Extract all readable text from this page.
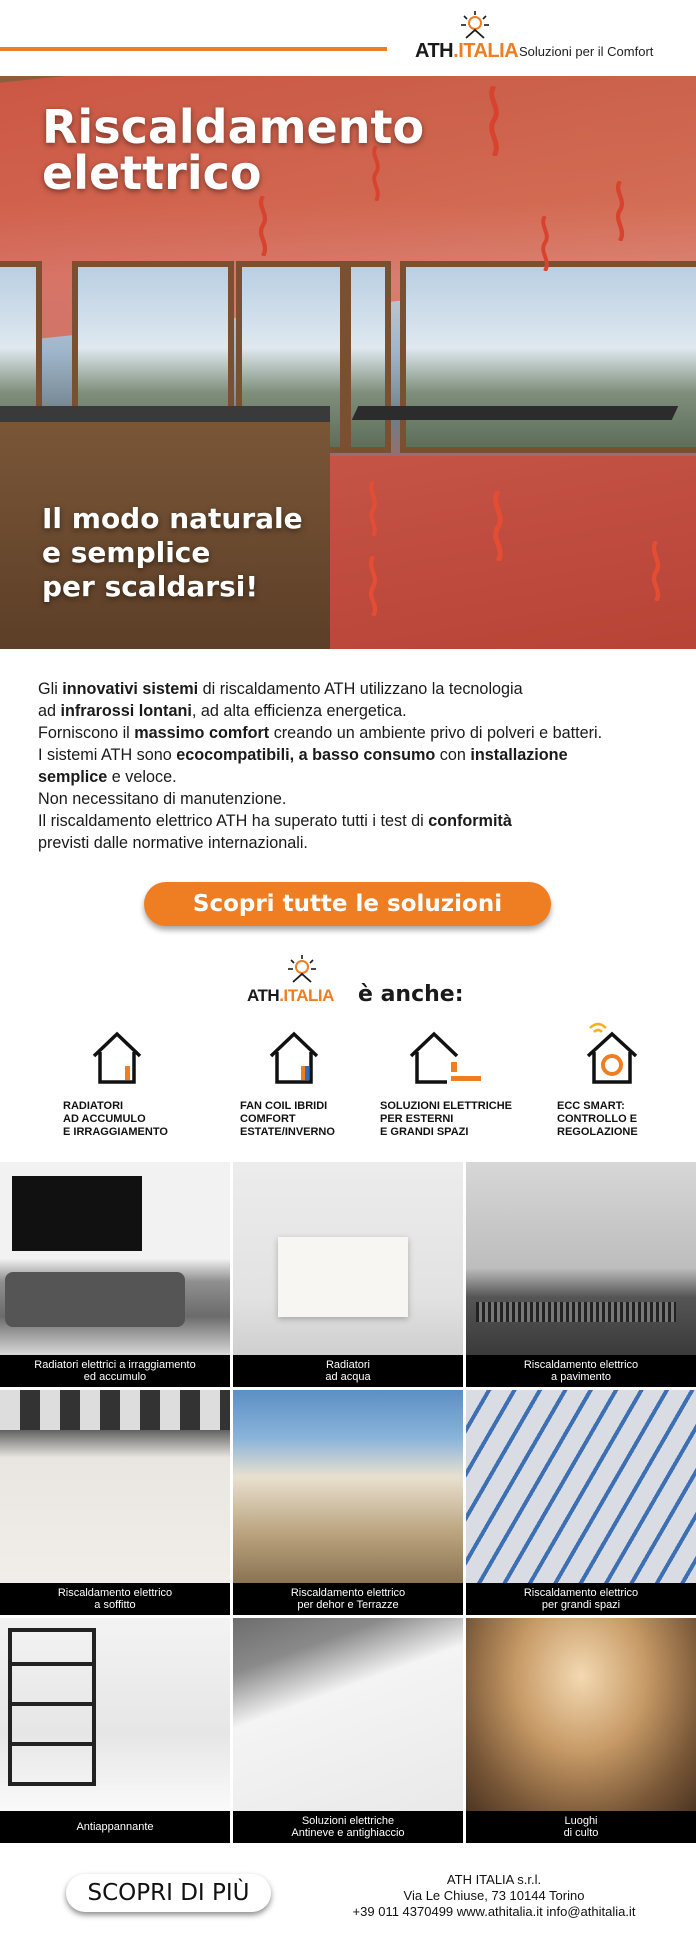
ATH.ITALIA Soluzioni per il Comfort
Riscaldamento
elettrico
Il modo naturale
e semplice
per scaldarsi!

Gli innovativi sistemi di riscaldamento ATH utilizzano la tecnologia

ad infrarossi lontani, ad alta efficienza energetica.

Forniscono il massimo comfort creando un ambiente privo di polveri e batteri.

I sistemi ATH sono ecocompatibili, a basso consumo con installazione

semplice e veloce.

Non necessitano di manutenzione.

Il riscaldamento elettrico ATH ha superato tutti i test di conformità

previsti dalle normative internazionali.

Scopri tutte le soluzioni
ATH.ITALIA è anche:
RADIATORI
AD ACCUMULO
E IRRAGGIAMENTO
FAN COIL IBRIDI
COMFORT
ESTATE/INVERNO
SOLUZIONI ELETTRICHE
PER ESTERNI
E GRANDI SPAZI
ECC SMART:
CONTROLLO E
REGOLAZIONE
Radiatori elettrici a irraggiamento
ed accumulo
Radiatori
ad acqua
Riscaldamento elettrico
a pavimento
Riscaldamento elettrico
a soffitto
Riscaldamento elettrico
per dehor e Terrazze
Riscaldamento elettrico
per grandi spazi
Antiappannante	Soluzioni elettriche
Antineve e antighiaccio
Luoghi
di culto
SCOPRI DI PIÙ
ATH ITALIA s.r.l.
Via Le Chiuse, 73 10144 Torino
+39 011 4370499 www.athitalia.it info@athitalia.it
